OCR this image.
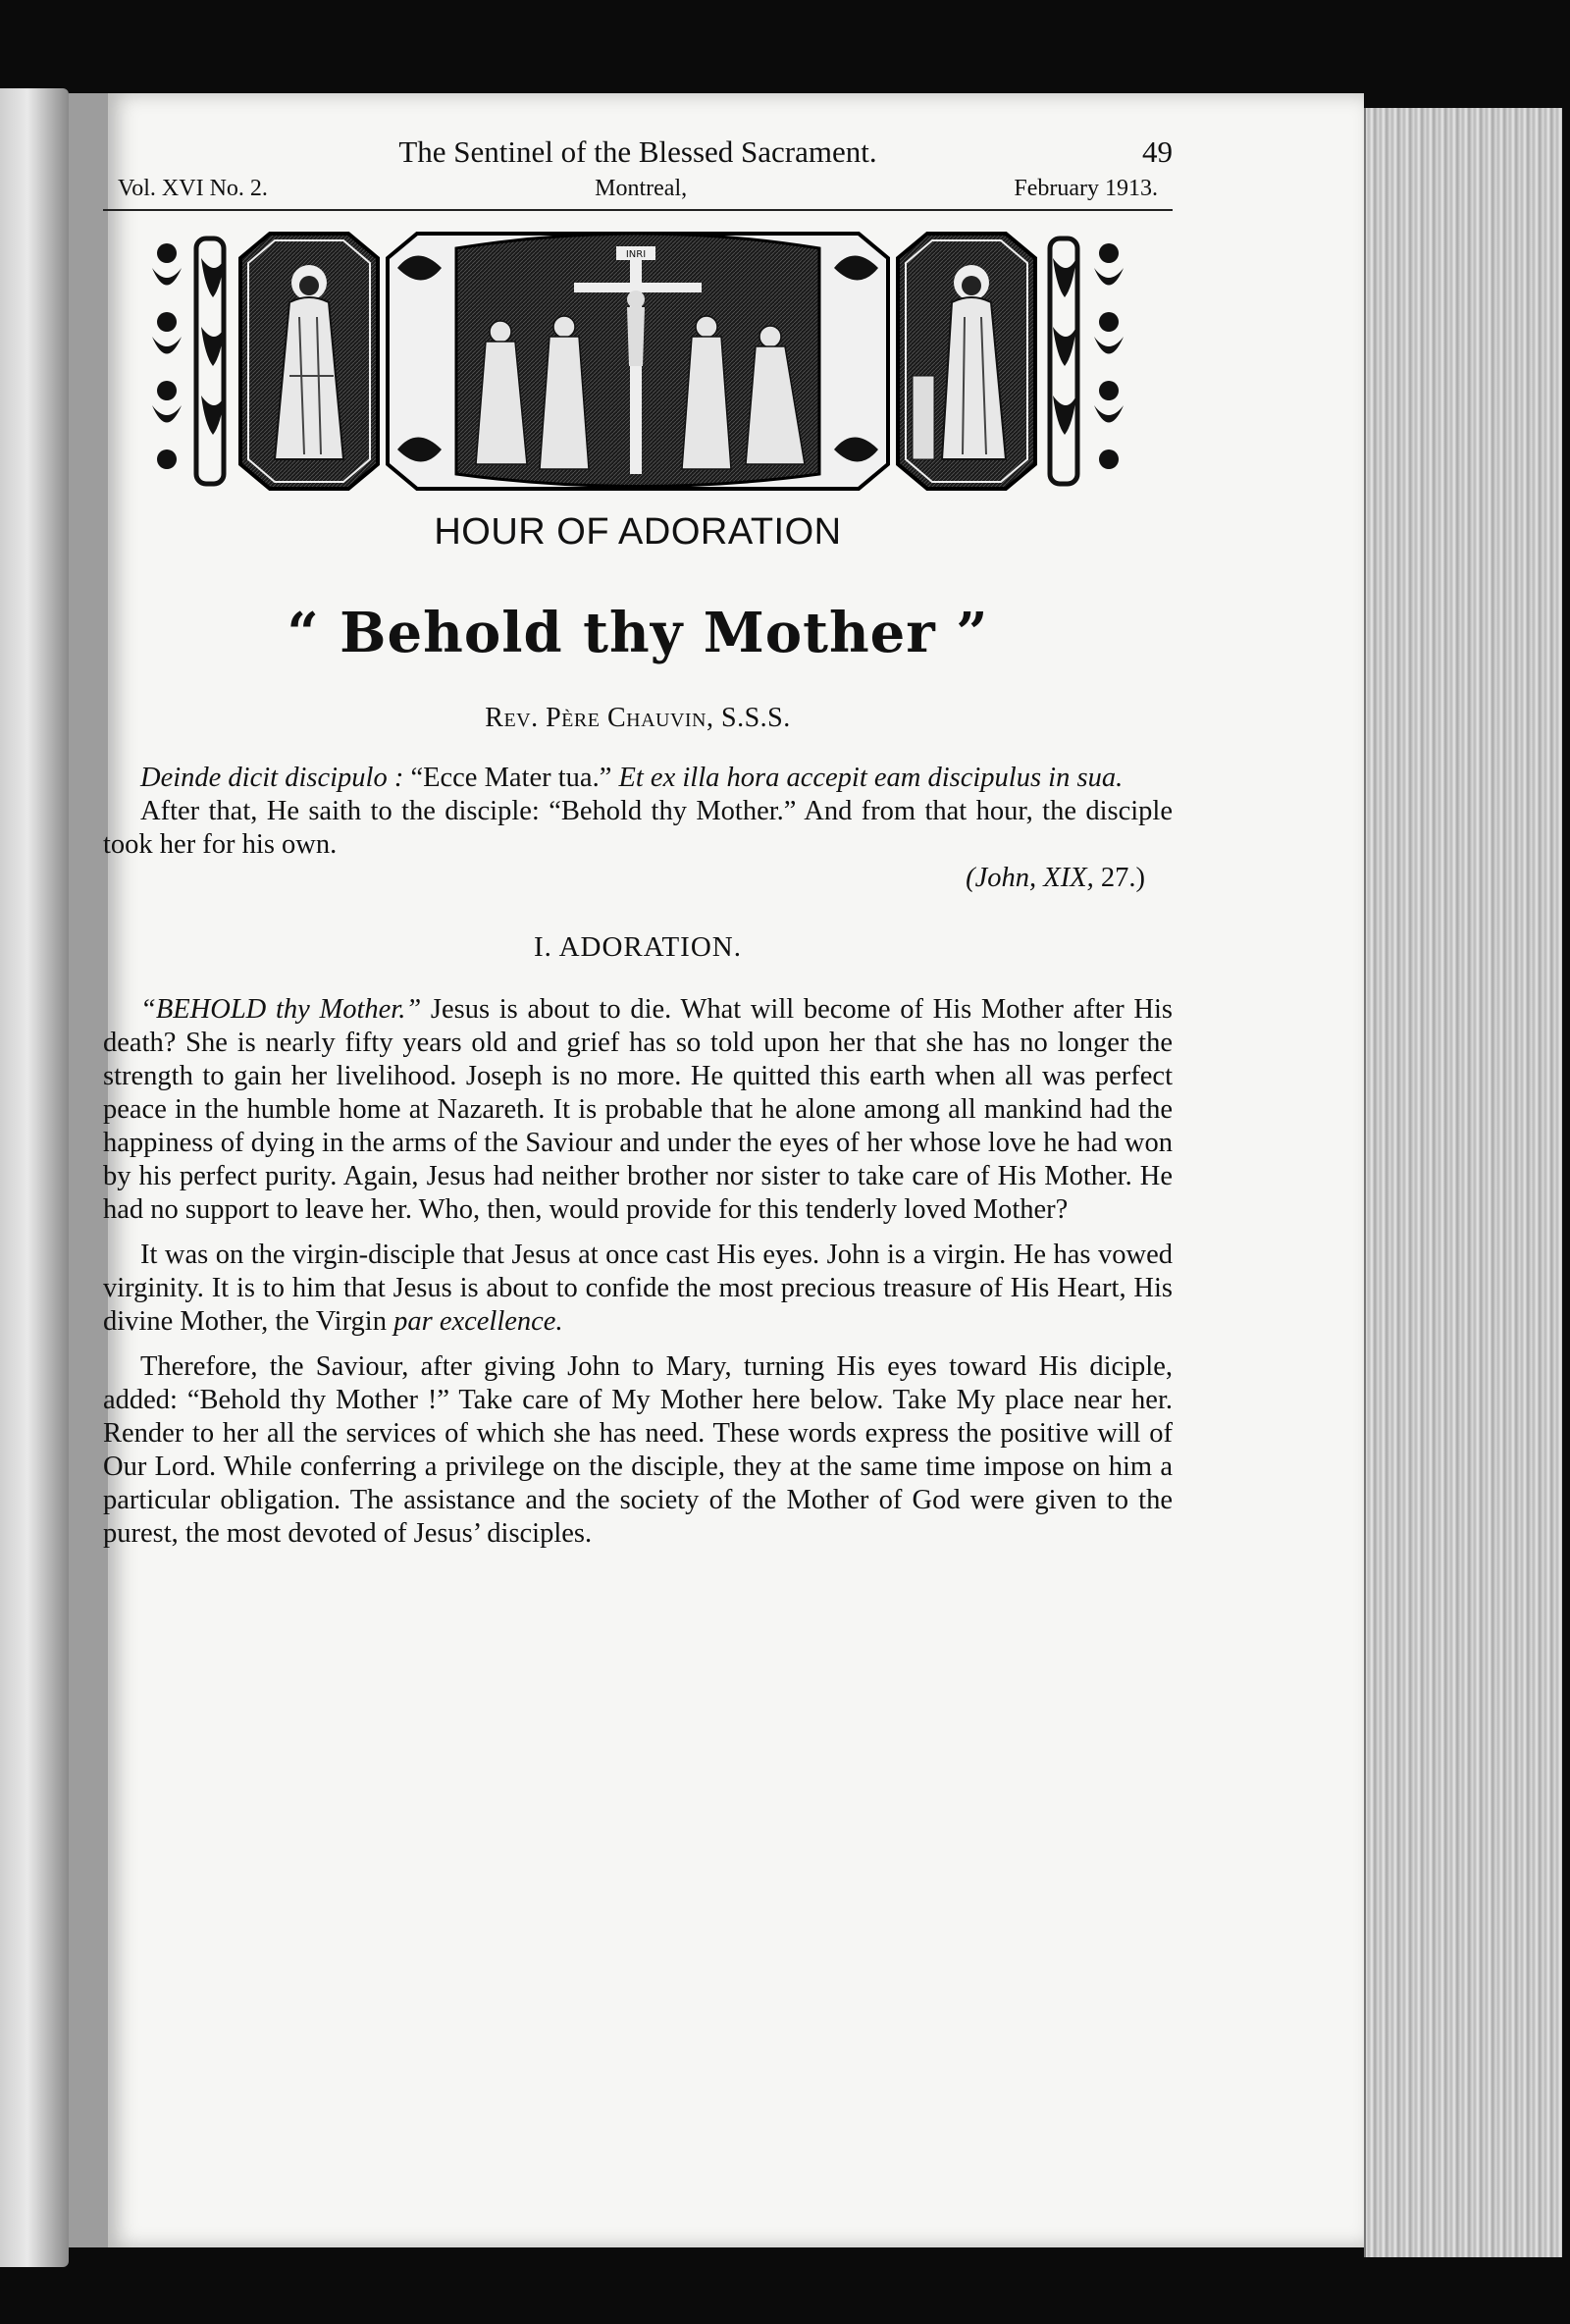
The Sentinel of the Blessed Sacrament.	49
Vol. XVI No. 2.	Montreal,	February 1913.
INRI
HOUR OF ADORATION
“ Behold thy Mother ”
Rev. Père Chauvin, S.S.S.
Deinde dicit discipulo : “Ecce Mater tua.” Et ex illa hora accepit eam discipulus in sua.
After that, He saith to the disciple: “Behold thy Mother.” And from that hour, the disciple took her for his own.
(John, XIX, 27.)
I. ADORATION.
“BEHOLD thy Mother.” Jesus is about to die. What will become of His Mother after His death? She is nearly fifty years old and grief has so told upon her that she has no longer the strength to gain her livelihood. Joseph is no more. He quitted this earth when all was perfect peace in the humble home at Nazareth. It is probable that he alone among all mankind had the happiness of dying in the arms of the Saviour and under the eyes of her whose love he had won by his perfect purity. Again, Jesus had neither brother nor sister to take care of His Mother. He had no support to leave her. Who, then, would provide for this tenderly loved Mother?
It was on the virgin-disciple that Jesus at once cast His eyes. John is a virgin. He has vowed virginity. It is to him that Jesus is about to confide the most precious treasure of His Heart, His divine Mother, the Virgin par excellence.
Therefore, the Saviour, after giving John to Mary, turning His eyes toward His diciple, added: “Behold thy Mother !” Take care of My Mother here below. Take My place near her. Render to her all the services of which she has need. These words express the positive will of Our Lord. While conferring a privilege on the disciple, they at the same time impose on him a particular obligation. The assistance and the society of the Mother of God were given to the purest, the most devoted of Jesus’ disciples.
